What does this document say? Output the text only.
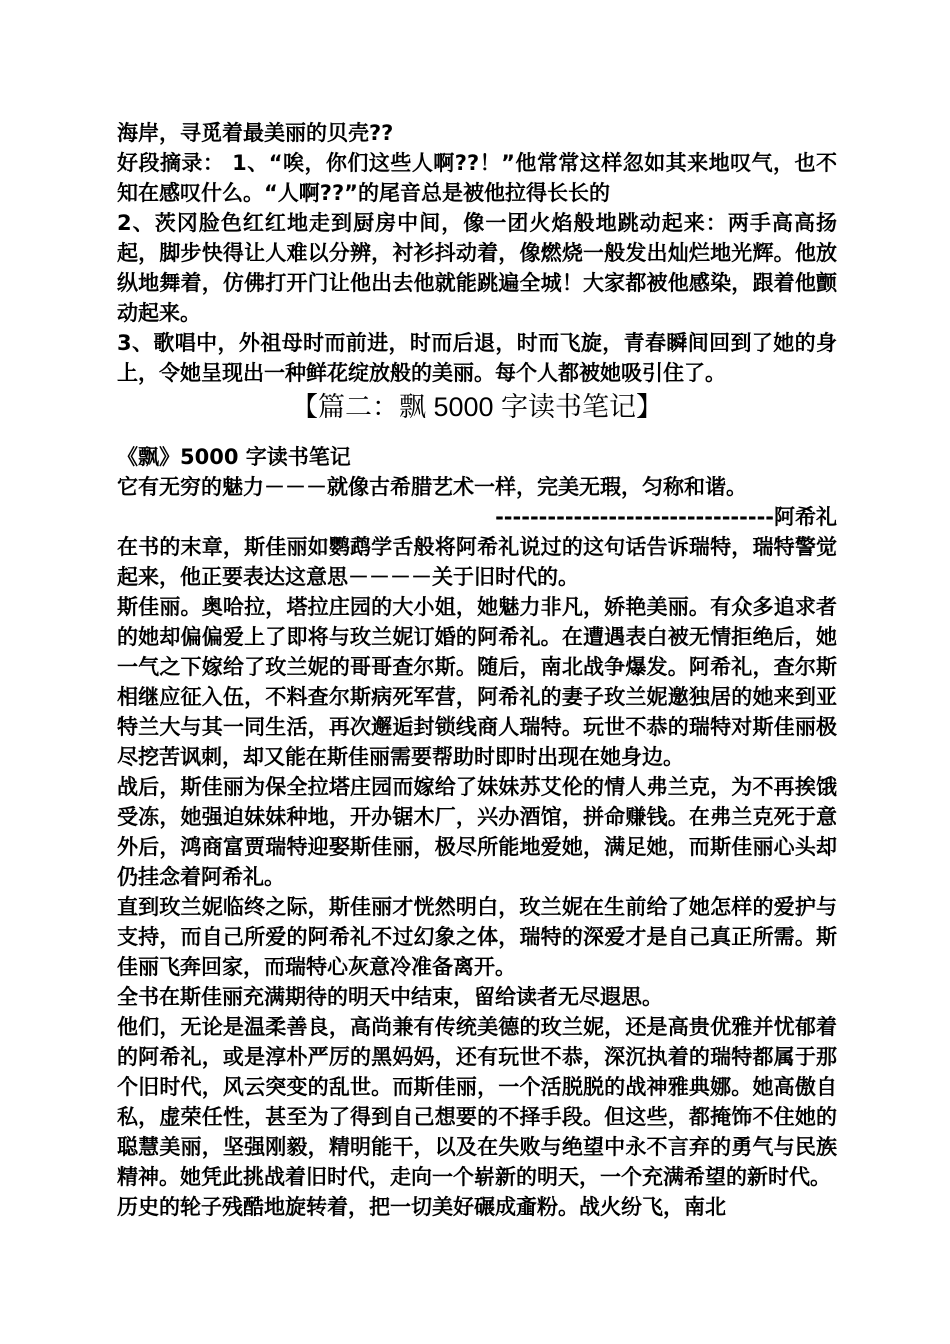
海岸，寻觅着最美丽的贝壳??

好段摘录： 1、“唉，你们这些人啊??！”他常常这样忽如其来地叹气，也不知在感叹什么。“人啊??”的尾音总是被他拉得长长的

2、茨冈脸色红红地走到厨房中间，像一团火焰般地跳动起来：两手高高扬起，脚步快得让人难以分辨，衬衫抖动着，像燃烧一般发出灿烂地光辉。他放纵地舞着，仿佛打开门让他出去他就能跳遍全城！大家都被他感染，跟着他颤动起来。

3、歌唱中，外祖母时而前进，时而后退，时而飞旋，青春瞬间回到了她的身上，令她呈现出一种鲜花绽放般的美丽。每个人都被她吸引住了。

【篇二：飘 5000 字读书笔记】

《飘》5000 字读书笔记

它有无穷的魅力－－－就像古希腊艺术一样，完美无瑕，匀称和谐。

--------------------------------阿希礼

在书的末章，斯佳丽如鹦鹉学舌般将阿希礼说过的这句话告诉瑞特，瑞特警觉起来，他正要表达这意思－－－－关于旧时代的。

斯佳丽。奥哈拉，塔拉庄园的大小姐，她魅力非凡，娇艳美丽。有众多追求者的她却偏偏爱上了即将与玫兰妮订婚的阿希礼。在遭遇表白被无情拒绝后，她一气之下嫁给了玫兰妮的哥哥查尔斯。随后，南北战争爆发。阿希礼，查尔斯相继应征入伍，不料查尔斯病死军营，阿希礼的妻子玫兰妮邀独居的她来到亚特兰大与其一同生活，再次邂逅封锁线商人瑞特。玩世不恭的瑞特对斯佳丽极尽挖苦讽刺，却又能在斯佳丽需要帮助时即时出现在她身边。

战后，斯佳丽为保全拉塔庄园而嫁给了妹妹苏艾伦的情人弗兰克，为不再挨饿受冻，她强迫妹妹种地，开办锯木厂，兴办酒馆，拼命赚钱。在弗兰克死于意外后，鸿商富贾瑞特迎娶斯佳丽，极尽所能地爱她，满足她，而斯佳丽心头却仍挂念着阿希礼。

直到玫兰妮临终之际，斯佳丽才恍然明白，玫兰妮在生前给了她怎样的爱护与支持，而自己所爱的阿希礼不过幻象之体，瑞特的深爱才是自己真正所需。斯佳丽飞奔回家，而瑞特心灰意冷准备离开。

全书在斯佳丽充满期待的明天中结束，留给读者无尽遐思。

他们，无论是温柔善良，高尚兼有传统美德的玫兰妮，还是高贵优雅并忧郁着的阿希礼，或是淳朴严厉的黑妈妈，还有玩世不恭，深沉执着的瑞特都属于那个旧时代，风云突变的乱世。而斯佳丽，一个活脱脱的战神雅典娜。她高傲自私，虚荣任性，甚至为了得到自己想要的不择手段。但这些，都掩饰不住她的聪慧美丽，坚强刚毅，精明能干，以及在失败与绝望中永不言弃的勇气与民族精神。她凭此挑战着旧时代，走向一个崭新的明天，一个充满希望的新时代。

历史的轮子残酷地旋转着，把一切美好碾成齑粉。战火纷飞，南北
